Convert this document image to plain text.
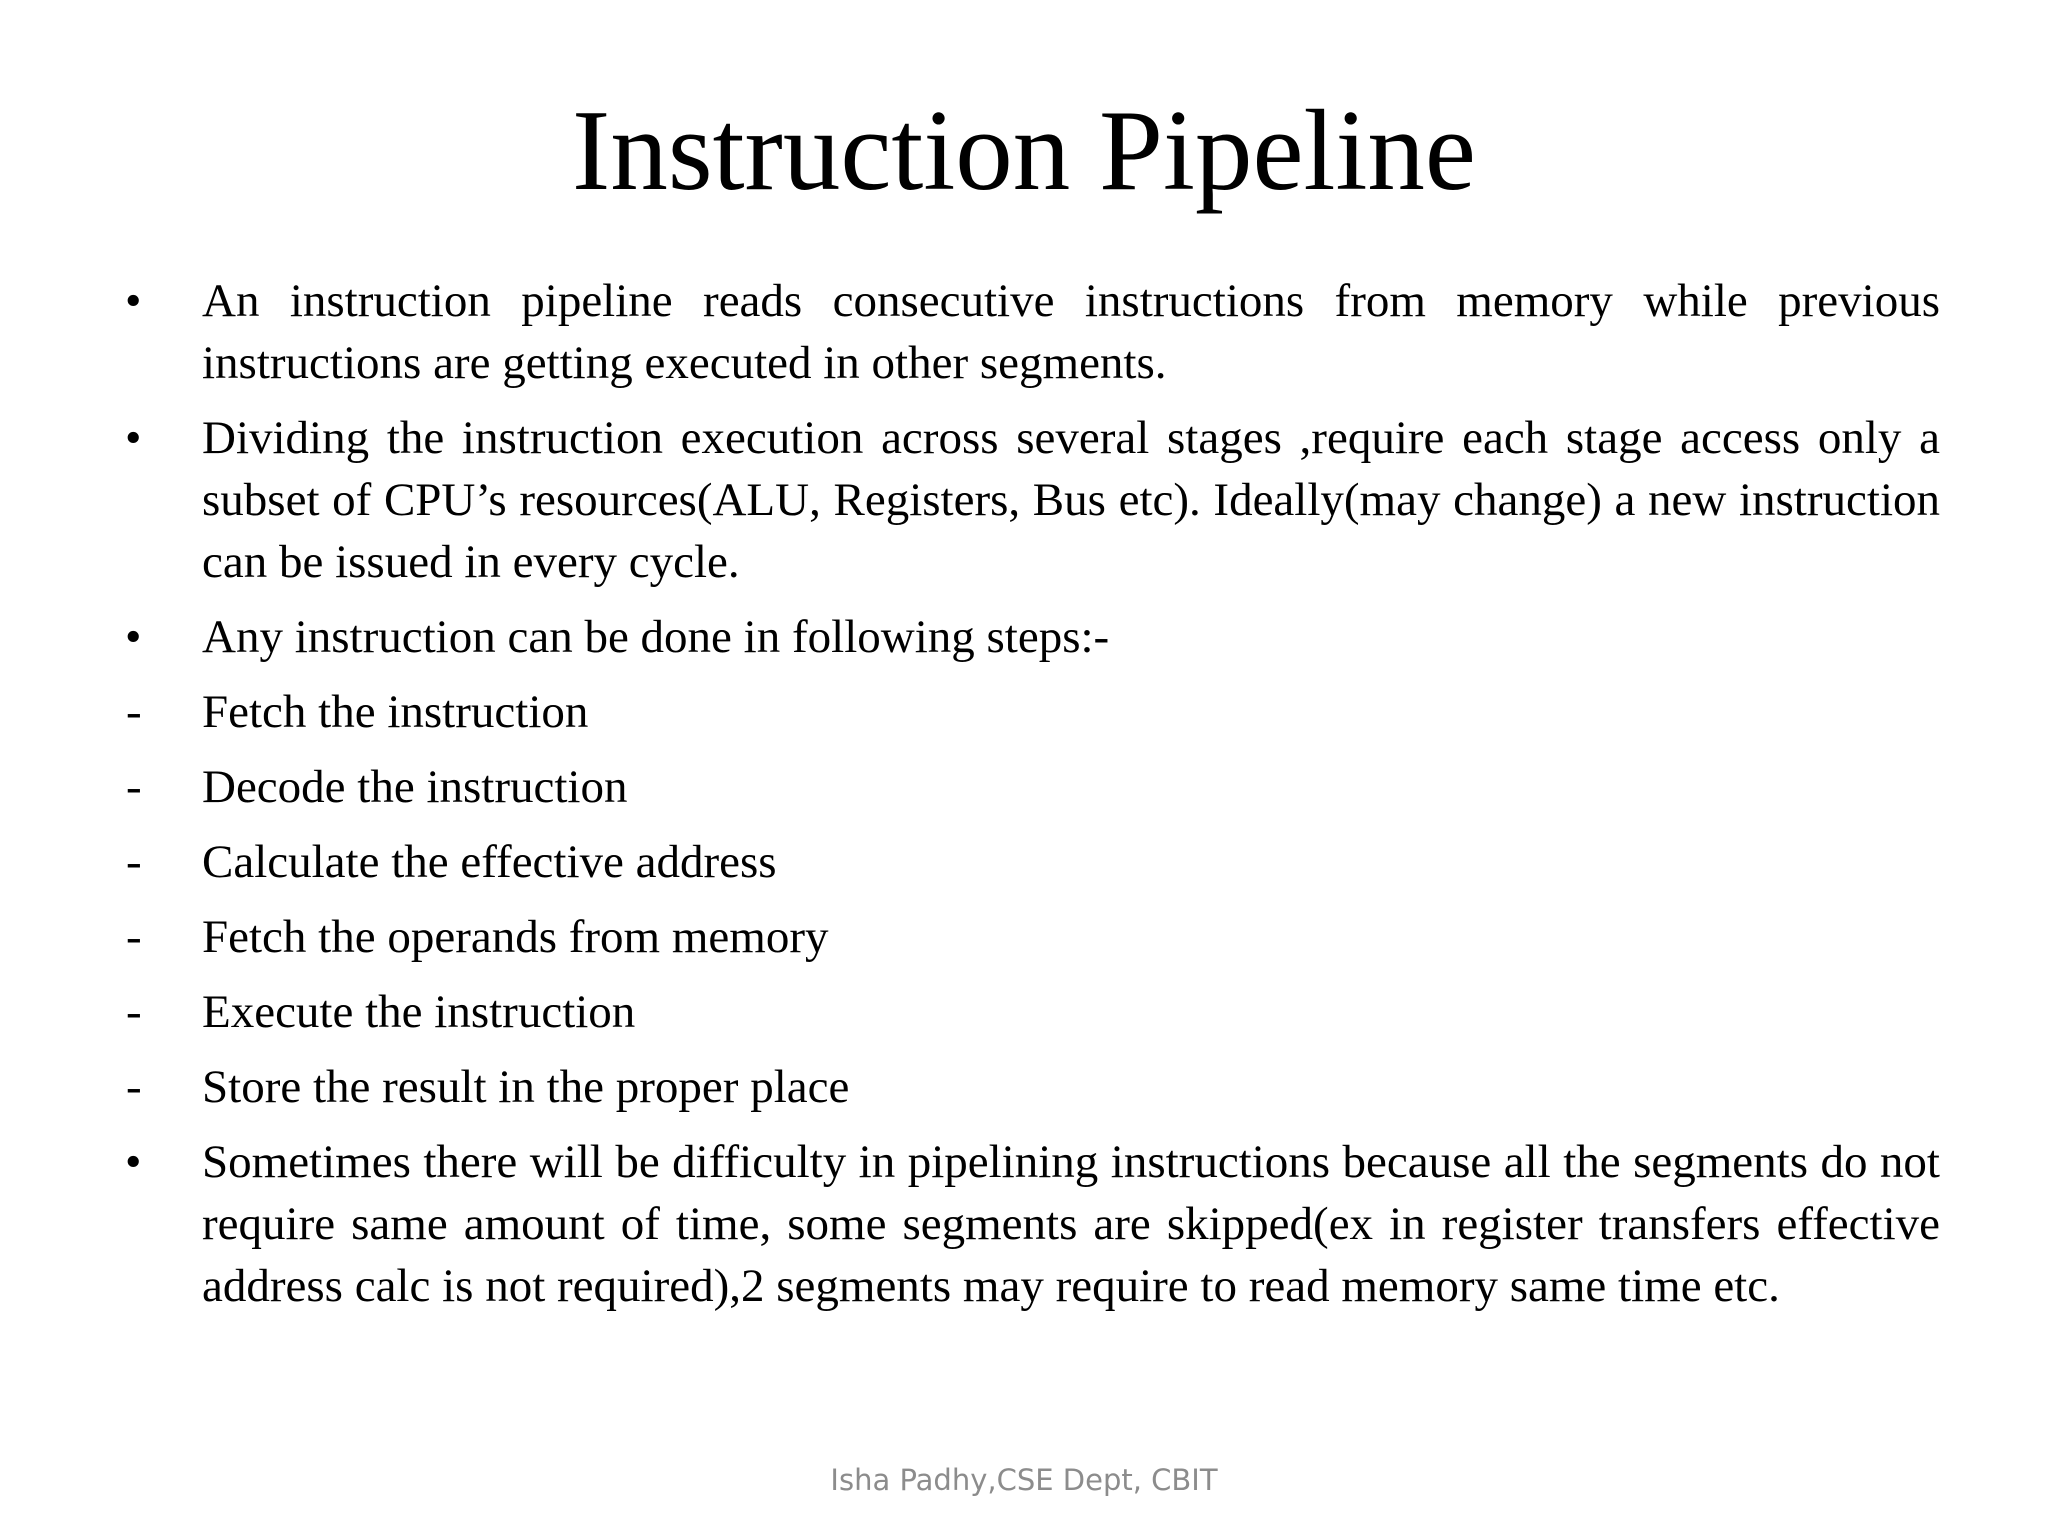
Instruction Pipeline
• An instruction pipeline reads consecutive instructions from memory while previous instructions are getting executed in other segments.
• Dividing the instruction execution across several stages ,require each stage access only a subset of CPU’s resources(ALU, Registers, Bus etc). Ideally(may change) a new instruction can be issued in every cycle.
• Any instruction can be done in following steps:-
- Fetch the instruction
- Decode the instruction
- Calculate the effective address
- Fetch the operands from memory
- Execute the instruction
- Store the result in the proper place
• Sometimes there will be difficulty in pipelining instructions because all the segments do not require same amount of time, some segments are skipped(ex in register transfers effective address calc is not required),2 segments may require to read memory same time etc.
Isha Padhy,CSE Dept, CBIT
